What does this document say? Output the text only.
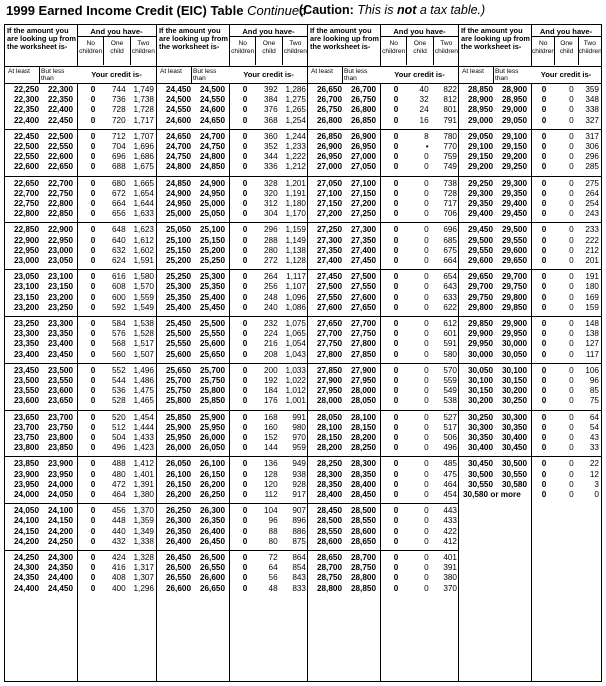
1999 Earned Income Credit (EIC) Table Continued
(Caution: This is not a tax table.)
If the amount you are looking up from the worksheet is-
And you have-
No children
One child
Two children
At least	But less than	Your credit is-
22,250	22,300	0	744 1,749
22,300	22,350	0	736 1,738
22,350	22,400	0	728 1,728
22,400	22,450	0	720 1,717
22,450	22,500	0	712 1,707
22,500	22,550	0	704 1,696
22,550	22,600	0	696 1,686
22,600	22,650	0	688 1,675
22,650	22,700	0	680 1,665
22,700	22,750	0	672 1,654
22,750	22,800	0	664 1,644
22,800	22,850	0	656 1,633
22,850	22,900	0	648 1,623
22,900	22,950	0	640 1,612
22,950	23,000	0	632 1,602
23,000	23,050	0	624 1,591
23,050	23,100	0	616 1,580
23,100	23,150	0	608 1,570
23,150	23,200	0	600 1,559
23,200	23,250	0	592 1,549
23,250	23,300	0	584 1,538
23,300	23,350	0	576 1,528
23,350	23,400	0	568 1,517
23,400	23,450	0	560 1,507
23,450	23,500	0	552 1,496
23,500	23,550	0	544 1,486
23,550	23,600	0	536 1,475
23,600	23,650	0	528 1,465
23,650	23,700	0	520 1,454
23,700	23,750	0	512 1,444
23,750	23,800	0	504 1,433
23,800	23,850	0	496 1,423
23,850	23,900	0	488 1,412
23,900	23,950	0	480 1,401
23,950	24,000	0	472 1,391
24,000	24,050	0	464 1,380
24,050	24,100	0	456 1,370
24,100	24,150	0	448 1,359
24,150	24,200	0	440 1,349
24,200	24,250	0	432 1,338
24,250	24,300	0	424 1,328
24,300	24,350	0	416 1,317
24,350	24,400	0	408 1,307
24,400	24,450	0	400 1,296
If the amount you are looking up from the worksheet is-
And you have-
No children
One child
Two children
At least	But less than	Your credit is-
24,450	24,500	0	392 1,286
24,500	24,550	0	384 1,275
24,550	24,600	0	376 1,265
24,600	24,650	0	368 1,254
24,650	24,700	0	360 1,244
24,700	24,750	0	352 1,233
24,750	24,800	0	344 1,222
24,800	24,850	0	336 1,212
24,850	24,900	0	328 1,201
24,900	24,950	0	320 1,191
24,950	25,000	0	312 1,180
25,000	25,050	0	304 1,170
25,050	25,100	0	296 1,159
25,100	25,150	0	288 1,149
25,150	25,200	0	280 1,138
25,200	25,250	0	272 1,128
25,250	25,300	0	264 1,117
25,300	25,350	0	256 1,107
25,350	25,400	0	248 1,096
25,400	25,450	0	240 1,086
25,450	25,500	0	232 1,075
25,500	25,550	0	224 1,065
25,550	25,600	0	216 1,054
25,600	25,650	0	208 1,043
25,650	25,700	0	200 1,033
25,700	25,750	0	192 1,022
25,750	25,800	0	184 1,012
25,800	25,850	0	176 1,001
25,850	25,900	0	168	991
25,900	25,950	0	160	980
25,950	26,000	0	152	970
26,000	26,050	0	144	959
26,050	26,100	0	136	949
26,100	26,150	0	128	938
26,150	26,200	0	120	928
26,200	26,250	0	112	917
26,250	26,300	0	104	907
26,300	26,350	0	96	896
26,350	26,400	0	88	886
26,400	26,450	0	80	875
26,450	26,500	0	72	864
26,500	26,550	0	64	854
26,550	26,600	0	56	843
26,600	26,650	0	48	833
If the amount you are looking up from the worksheet is-
And you have-
No children
One child
Two children
At least	But less than	Your credit is-
26,650	26,700	0	40	822
26,700	26,750	0	32	812
26,750	26,800	0	24	801
26,800	26,850	0	16	791
26,850	26,900	0	8	780
26,900	26,950	0	•	770
26,950	27,000	0	0	759
27,000	27,050	0	0	749
27,050	27,100	0	0	738
27,100	27,150	0	0	728
27,150	27,200	0	0	717
27,200	27,250	0	0	706
27,250	27,300	0	0	696
27,300	27,350	0	0	685
27,350	27,400	0	0	675
27,400	27,450	0	0	664
27,450	27,500	0	0	654
27,500	27,550	0	0	643
27,550	27,600	0	0	633
27,600	27,650	0	0	622
27,650	27,700	0	0	612
27,700	27,750	0	0	601
27,750	27,800	0	0	591
27,800	27,850	0	0	580
27,850	27,900	0	0	570
27,900	27,950	0	0	559
27,950	28,000	0	0	549
28,000	28,050	0	0	538
28,050	28,100	0	0	527
28,100	28,150	0	0	517
28,150	28,200	0	0	506
28,200	28,250	0	0	496
28,250	28,300	0	0	485
28,300	28,350	0	0	475
28,350	28,400	0	0	464
28,400	28,450	0	0	454
28,450	28,500	0	0	443
28,500	28,550	0	0	433
28,550	28,600	0	0	422
28,600	28,650	0	0	412
28,650	28,700	0	0	401
28,700	28,750	0	0	391
28,750	28,800	0	0	380
28,800	28,850	0	0	370
If the amount you are looking up from the worksheet is-
And you have-
No children
One child
Two children
At least	But less than	Your credit is-
28,850	28,900	0	0	359
28,900	28,950	0	0	348
28,950	29,000	0	0	338
29,000	29,050	0	0	327
29,050	29,100	0	0	317
29,100	29,150	0	0	306
29,150	29,200	0	0	296
29,200	29,250	0	0	285
29,250	29,300	0	0	275
29,300	29,350	0	0	264
29,350	29,400	0	0	254
29,400	29,450	0	0	243
29,450	29,500	0	0	233
29,500	29,550	0	0	222
29,550	29,600	0	0	212
29,600	29,650	0	0	201
29,650	29,700	0	0	191
29,700	29,750	0	0	180
29,750	29,800	0	0	169
29,800	29,850	0	0	159
29,850	29,900	0	0	148
29,900	29,950	0	0	138
29,950	30,000	0	0	127
30,000	30,050	0	0	117
30,050	30,100	0	0	106
30,100	30,150	0	0	96
30,150	30,200	0	0	85
30,200	30,250	0	0	75
30,250	30,300	0	0	64
30,300	30,350	0	0	54
30,350	30,400	0	0	43
30,400	30,450	0	0	33
30,450	30,500	0	0	22
30,500	30,550	0	0	12
30,550	30,580	0	0	3
30,580 or more	0	0	0
